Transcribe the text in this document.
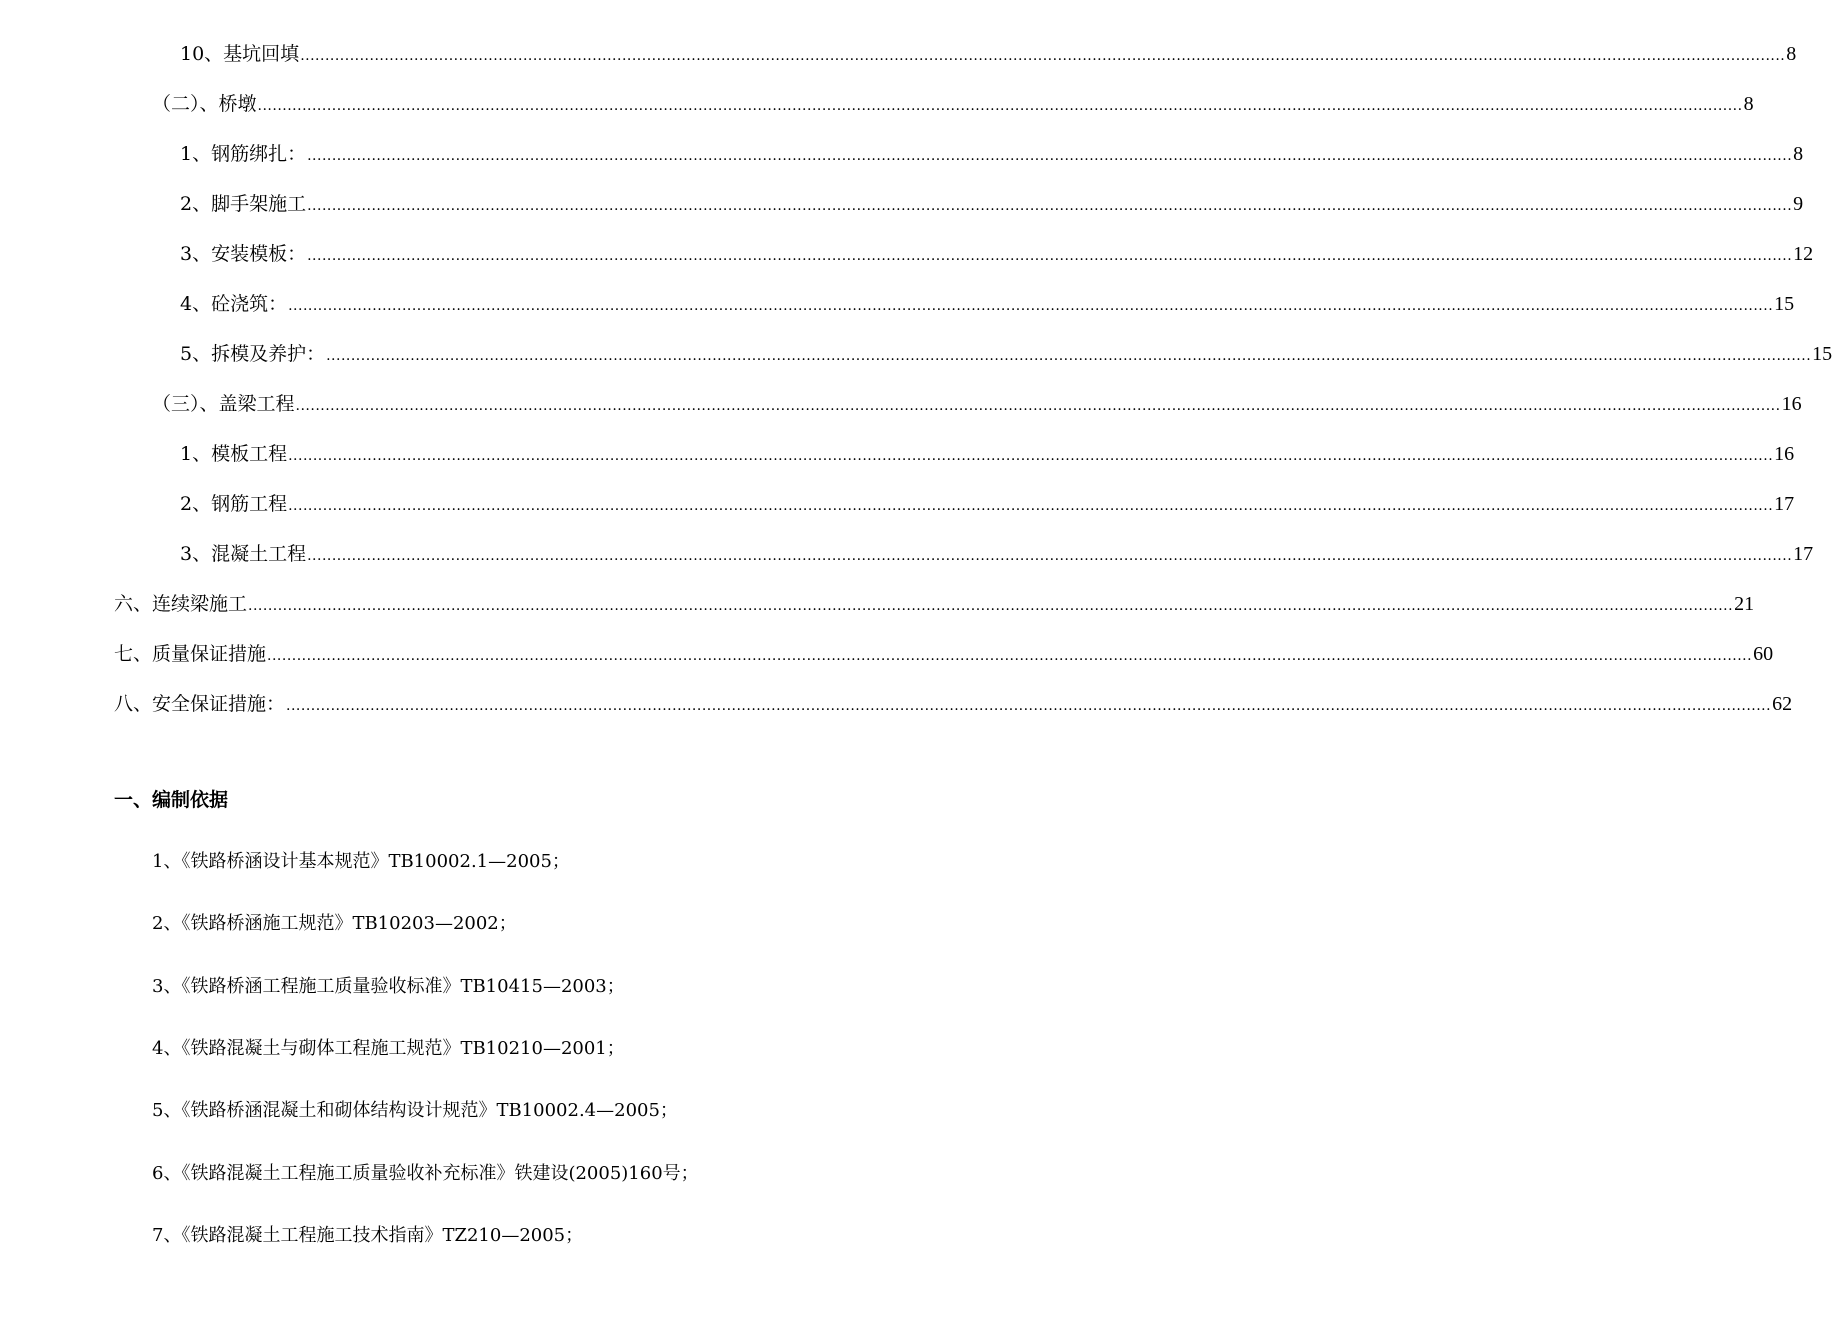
10、基坑回填 ............................................................................................................................................................................................................................................................................................................ 8
（二）、桥墩 ............................................................................................................................................................................................................................................................................................................ 8
1、钢筋绑扎： ............................................................................................................................................................................................................................................................................................................ 8
2、脚手架施工 ............................................................................................................................................................................................................................................................................................................ 9
3、安装模板： ............................................................................................................................................................................................................................................................................................................ 12
4、砼浇筑： ............................................................................................................................................................................................................................................................................................................ 15
5、拆模及养护： ............................................................................................................................................................................................................................................................................................................ 15
（三）、盖梁工程 ............................................................................................................................................................................................................................................................................................................ 16
1、模板工程 ............................................................................................................................................................................................................................................................................................................ 16
2、钢筋工程 ............................................................................................................................................................................................................................................................................................................ 17
3、混凝土工程 ............................................................................................................................................................................................................................................................................................................ 17
六、连续梁施工 ............................................................................................................................................................................................................................................................................................................ 21
七、质量保证措施 ............................................................................................................................................................................................................................................................................................................ 60
八、安全保证措施： ............................................................................................................................................................................................................................................................................................................ 62
一、编制依据
1、《铁路桥涵设计基本规范》TB10002.1—2005；
2、《铁路桥涵施工规范》TB10203—2002；
3、《铁路桥涵工程施工质量验收标准》TB10415—2003；
4、《铁路混凝土与砌体工程施工规范》TB10210—2001；
5、《铁路桥涵混凝土和砌体结构设计规范》TB10002.4—2005；
6、《铁路混凝土工程施工质量验收补充标准》铁建设(2005)160号；
7、《铁路混凝土工程施工技术指南》TZ210—2005；
